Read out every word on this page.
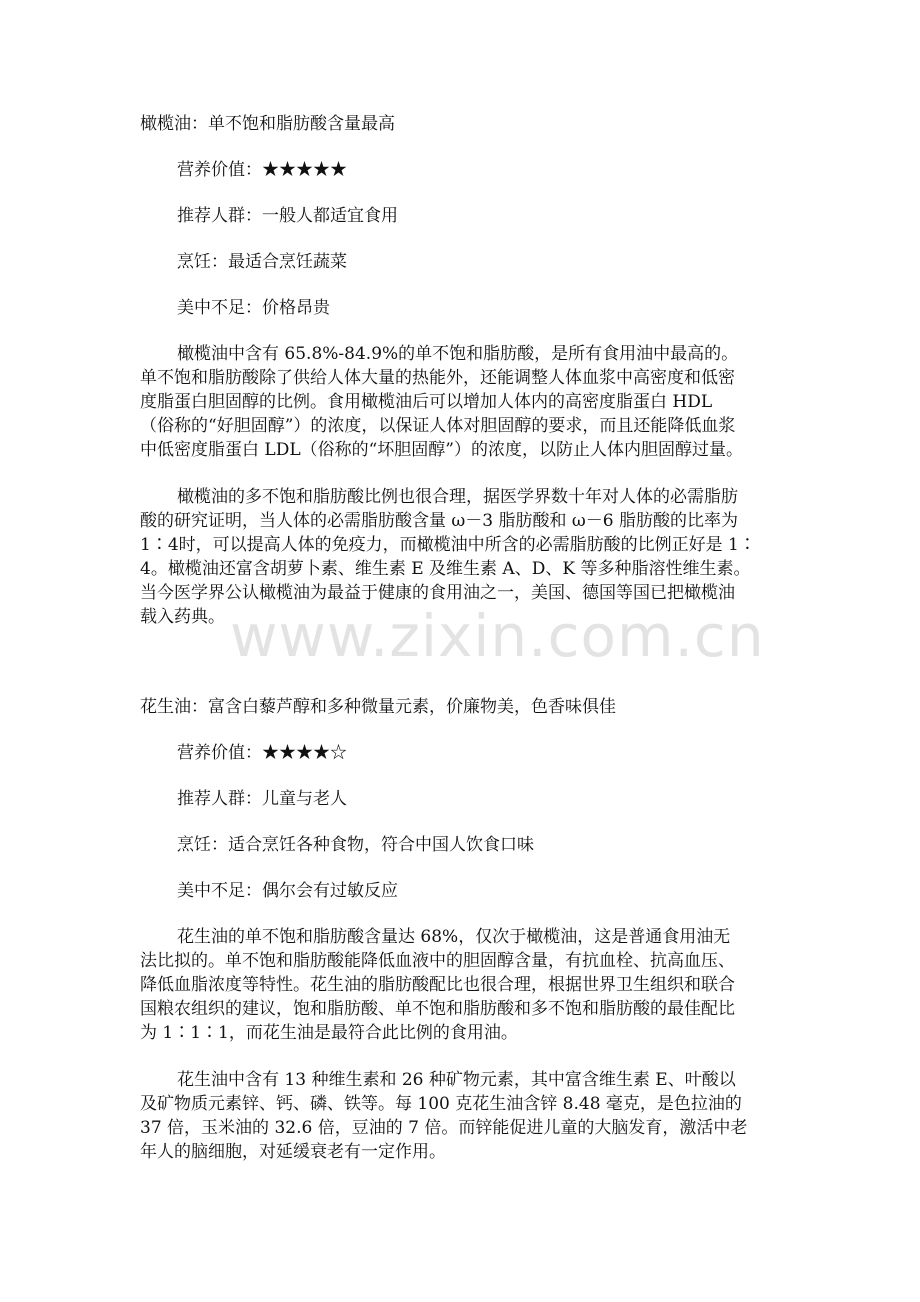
www.zixin.com.cn
橄榄油：单不饱和脂肪酸含量最高
营养价值：★★★★★
推荐人群：一般人都适宜食用
烹饪：最适合烹饪蔬菜
美中不足：价格昂贵
橄榄油中含有 65.8%-84.9%的单不饱和脂肪酸，是所有食用油中最高的。
单不饱和脂肪酸除了供给人体大量的热能外，还能调整人体血浆中高密度和低密
度脂蛋白胆固醇的比例。食用橄榄油后可以增加人体内的高密度脂蛋白 HDL
（俗称的“好胆固醇”）的浓度，以保证人体对胆固醇的要求，而且还能降低血浆
中低密度脂蛋白 LDL（俗称的“坏胆固醇”）的浓度，以防止人体内胆固醇过量。
橄榄油的多不饱和脂肪酸比例也很合理，据医学界数十年对人体的必需脂肪
酸的研究证明，当人体的必需脂肪酸含量 ω－3 脂肪酸和 ω－6 脂肪酸的比率为
1∶4时，可以提高人体的免疫力，而橄榄油中所含的必需脂肪酸的比例正好是 1∶
4。橄榄油还富含胡萝卜素、维生素 E 及维生素 A、D、K 等多种脂溶性维生素。
当今医学界公认橄榄油为最益于健康的食用油之一，美国、德国等国已把橄榄油
载入药典。
花生油：富含白藜芦醇和多种微量元素，价廉物美，色香味俱佳
营养价值：★★★★☆
推荐人群：儿童与老人
烹饪：适合烹饪各种食物，符合中国人饮食口味
美中不足：偶尔会有过敏反应
花生油的单不饱和脂肪酸含量达 68%，仅次于橄榄油，这是普通食用油无
法比拟的。单不饱和脂肪酸能降低血液中的胆固醇含量，有抗血栓、抗高血压、
降低血脂浓度等特性。花生油的脂肪酸配比也很合理，根据世界卫生组织和联合
国粮农组织的建议，饱和脂肪酸、单不饱和脂肪酸和多不饱和脂肪酸的最佳配比
为 1∶1∶1，而花生油是最符合此比例的食用油。
花生油中含有 13 种维生素和 26 种矿物元素，其中富含维生素 E、叶酸以
及矿物质元素锌、钙、磷、铁等。每 100 克花生油含锌 8.48 毫克，是色拉油的
37 倍，玉米油的 32.6 倍，豆油的 7 倍。而锌能促进儿童的大脑发育，激活中老
年人的脑细胞，对延缓衰老有一定作用。
